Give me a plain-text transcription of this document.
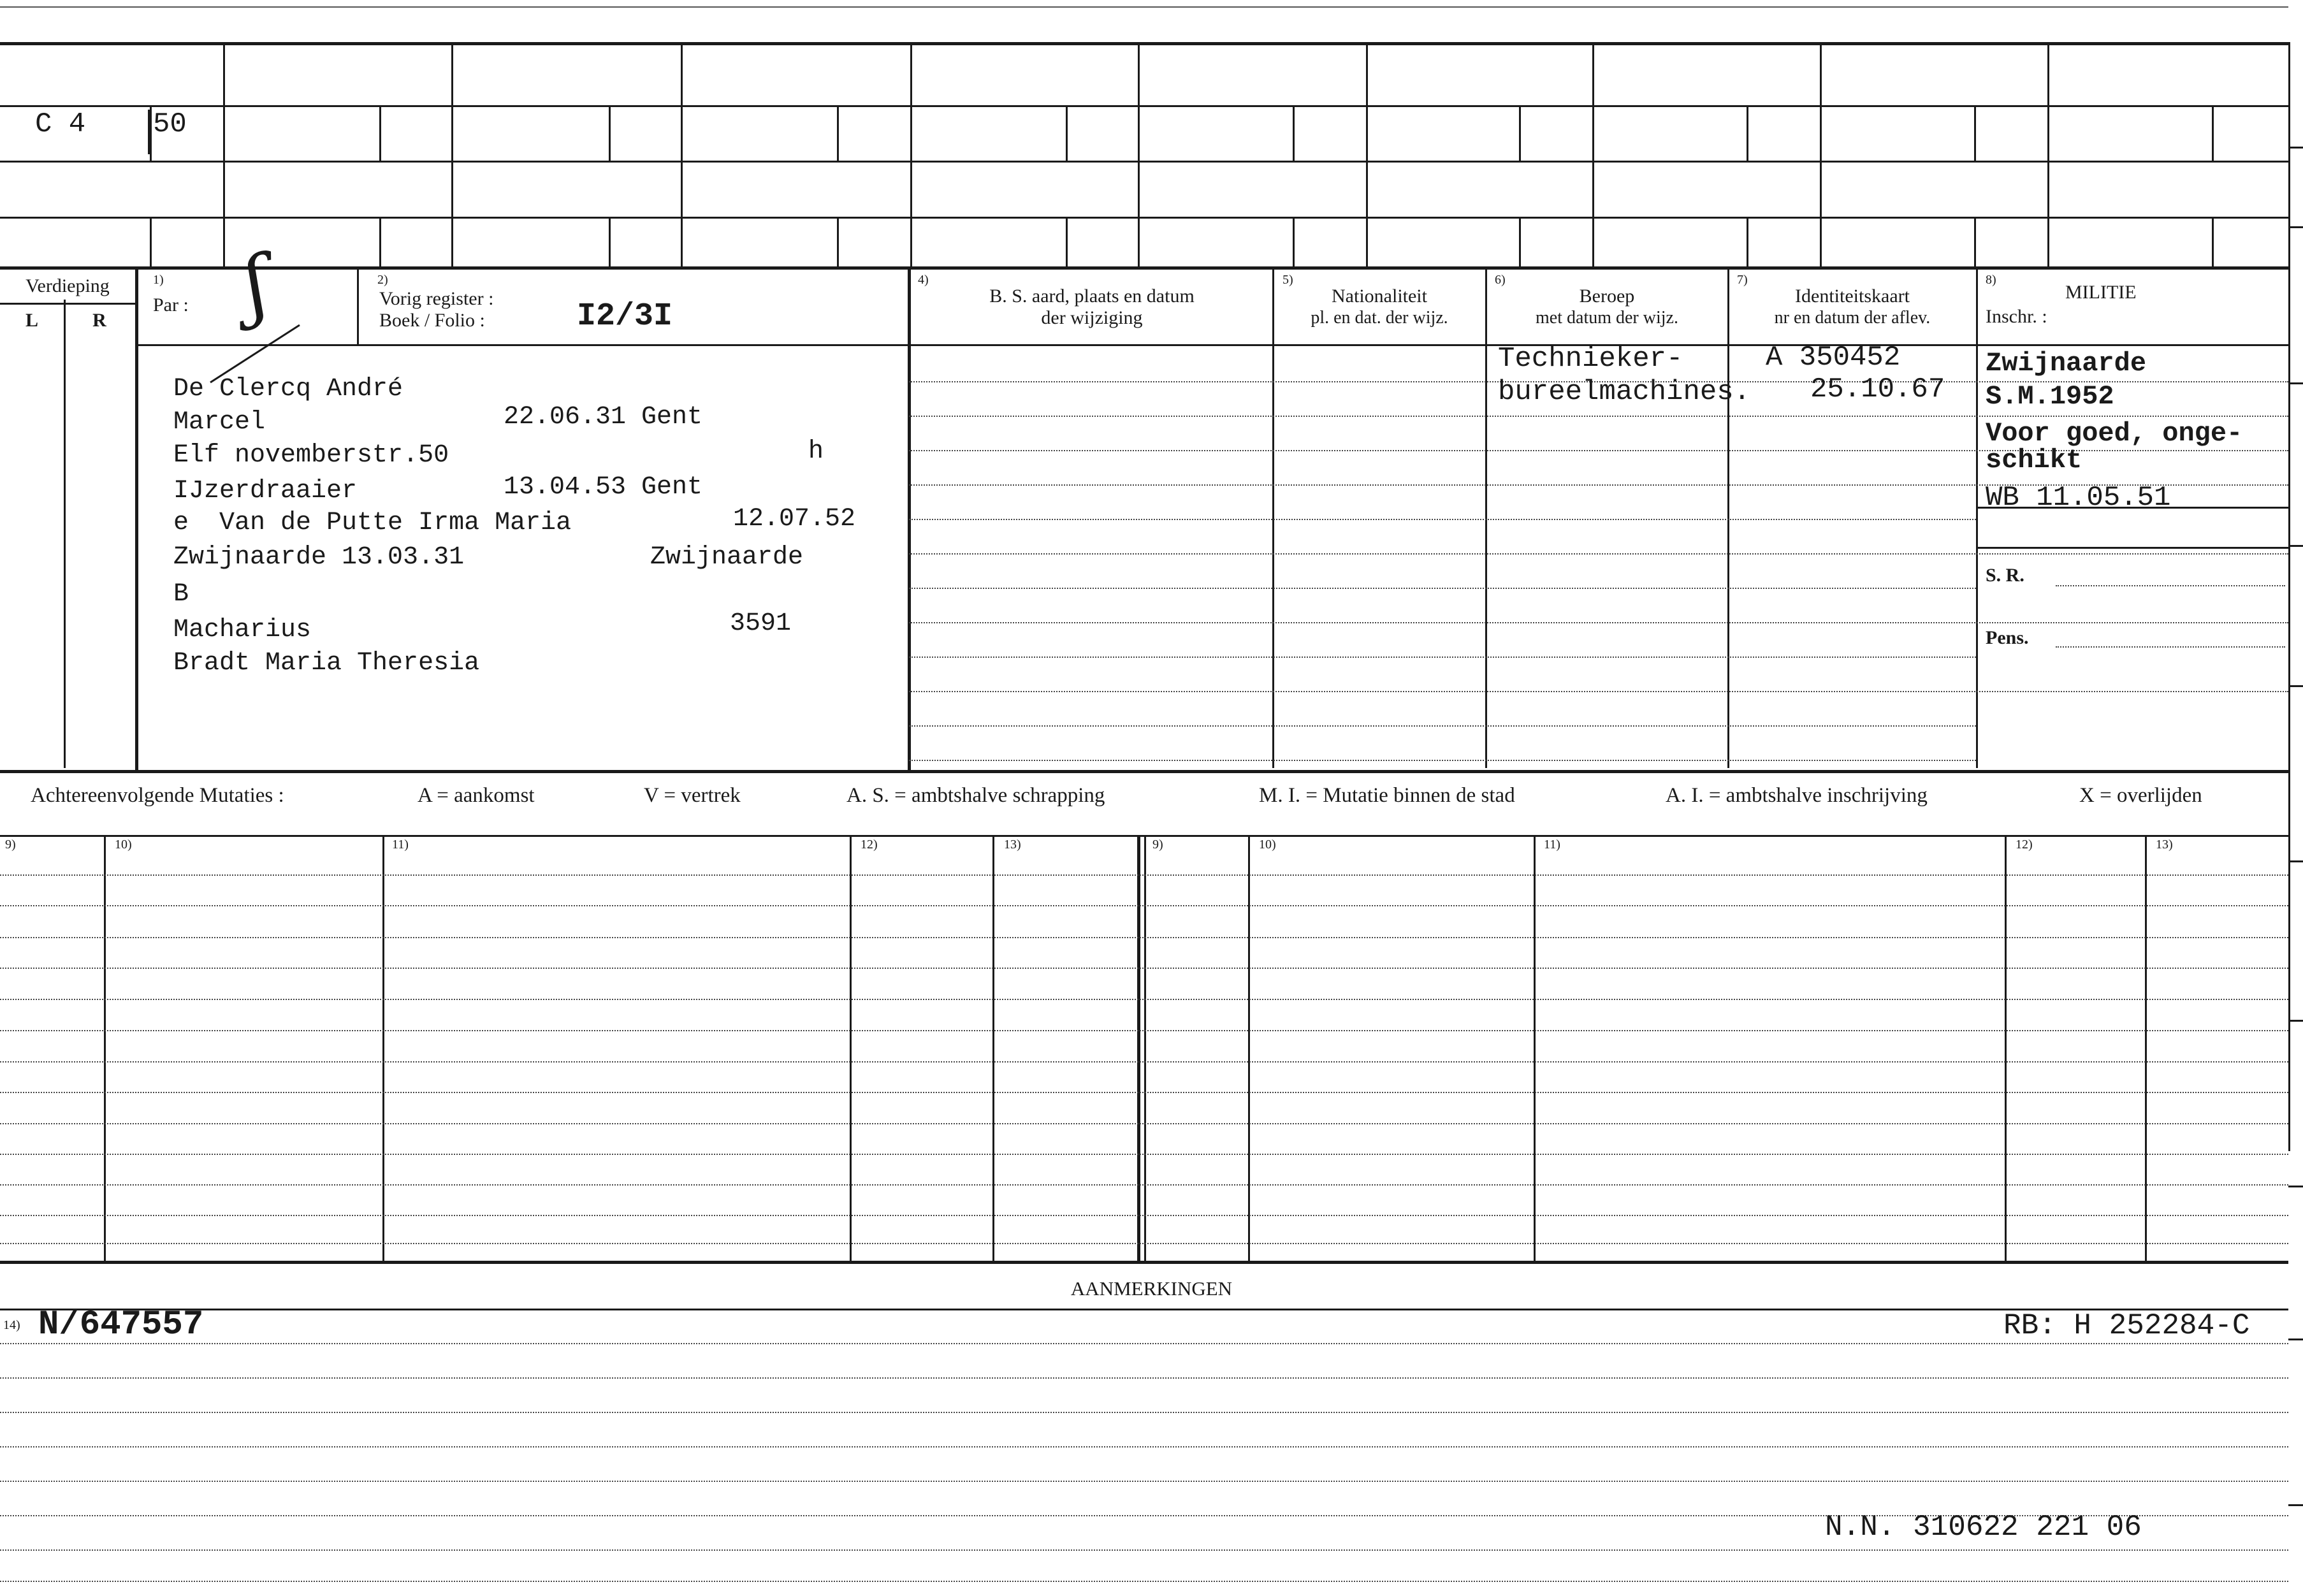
C 4 50
Verdieping
L	R
1)
Par : ʃ	2)
Vorig register :
Boek / Folio :	I2/3I
4)
B. S. aard, plaats en datum
der wijziging
5)
Nationaliteit
pl. en dat. der wijz.
6)
Beroep
met datum der wijz.
7)
Identiteitskaart
nr en datum der aflev.
8)
MILITIE
Inschr. :
De Clercq André
Marcel	22.06.31 Gent
Elf novemberstr.50	h
IJzerdraaier	13.04.53 Gent
e  Van de Putte Irma Maria	12.07.52
Zwijnaarde 13.03.31	Zwijnaarde
B
Macharius	3591
Bradt Maria Theresia
Technieker-
bureelmachines.
A 350452
25.10.67
Zwijnaarde
S.M.1952
Voor goed, onge-
schikt
WB 11.05.51
S. R.
Pens.
Achtereenvolgende Mutaties :	A = aankomst	V = vertrek	A. S. = ambtshalve schrapping	M. I. = Mutatie binnen de stad	A. I. = ambtshalve inschrijving	X = overlijden
9)	10)	11)	12)	13)	9)	10)	11)	12)	13)
AANMERKINGEN
14) N/647557	RB: H 252284-C
N.N. 310622 221 06
